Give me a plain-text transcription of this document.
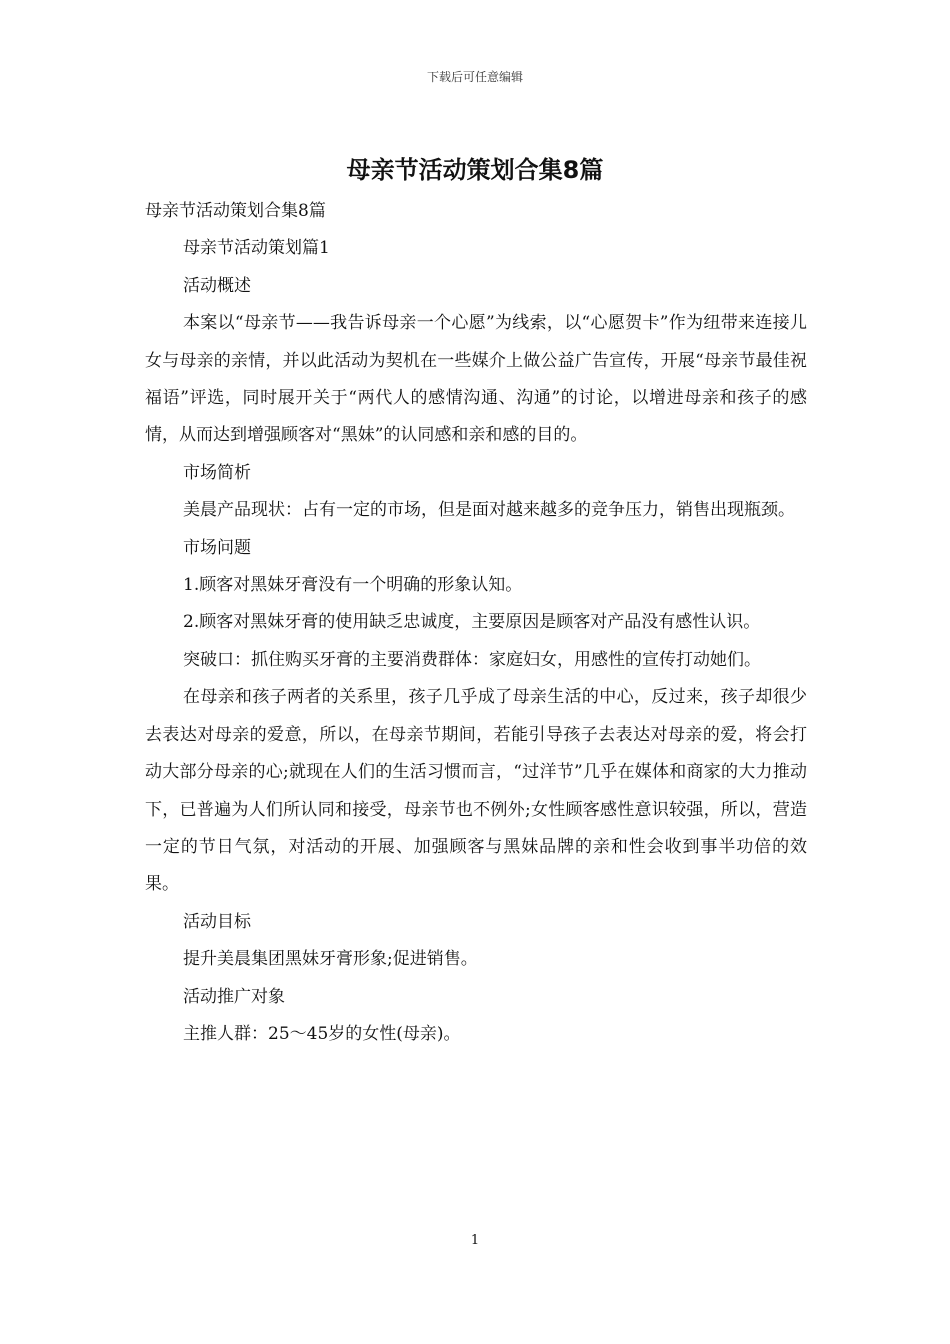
下载后可任意编辑
母亲节活动策划合集8篇

母亲节活动策划合集8篇

母亲节活动策划篇1

活动概述

本案以“母亲节——我告诉母亲一个心愿”为线索，以“心愿贺卡”作为纽带来连接儿女与母亲的亲情，并以此活动为契机在一些媒介上做公益广告宣传，开展“母亲节最佳祝福语”评选，同时展开关于“两代人的感情沟通、沟通”的讨论，以增进母亲和孩子的感情，从而达到增强顾客对“黑妹”的认同感和亲和感的目的。

市场简析

美晨产品现状：占有一定的市场，但是面对越来越多的竞争压力，销售出现瓶颈。

市场问题

1.顾客对黑妹牙膏没有一个明确的形象认知。

2.顾客对黑妹牙膏的使用缺乏忠诚度，主要原因是顾客对产品没有感性认识。

突破口：抓住购买牙膏的主要消费群体：家庭妇女，用感性的宣传打动她们。

在母亲和孩子两者的关系里，孩子几乎成了母亲生活的中心，反过来，孩子却很少去表达对母亲的爱意，所以，在母亲节期间，若能引导孩子去表达对母亲的爱，将会打动大部分母亲的心;就现在人们的生活习惯而言，“过洋节”几乎在媒体和商家的大力推动下，已普遍为人们所认同和接受，母亲节也不例外;女性顾客感性意识较强，所以，营造一定的节日气氛，对活动的开展、加强顾客与黑妹品牌的亲和性会收到事半功倍的效果。

活动目标

提升美晨集团黑妹牙膏形象;促进销售。

活动推广对象

主推人群：25～45岁的女性(母亲)。

1
